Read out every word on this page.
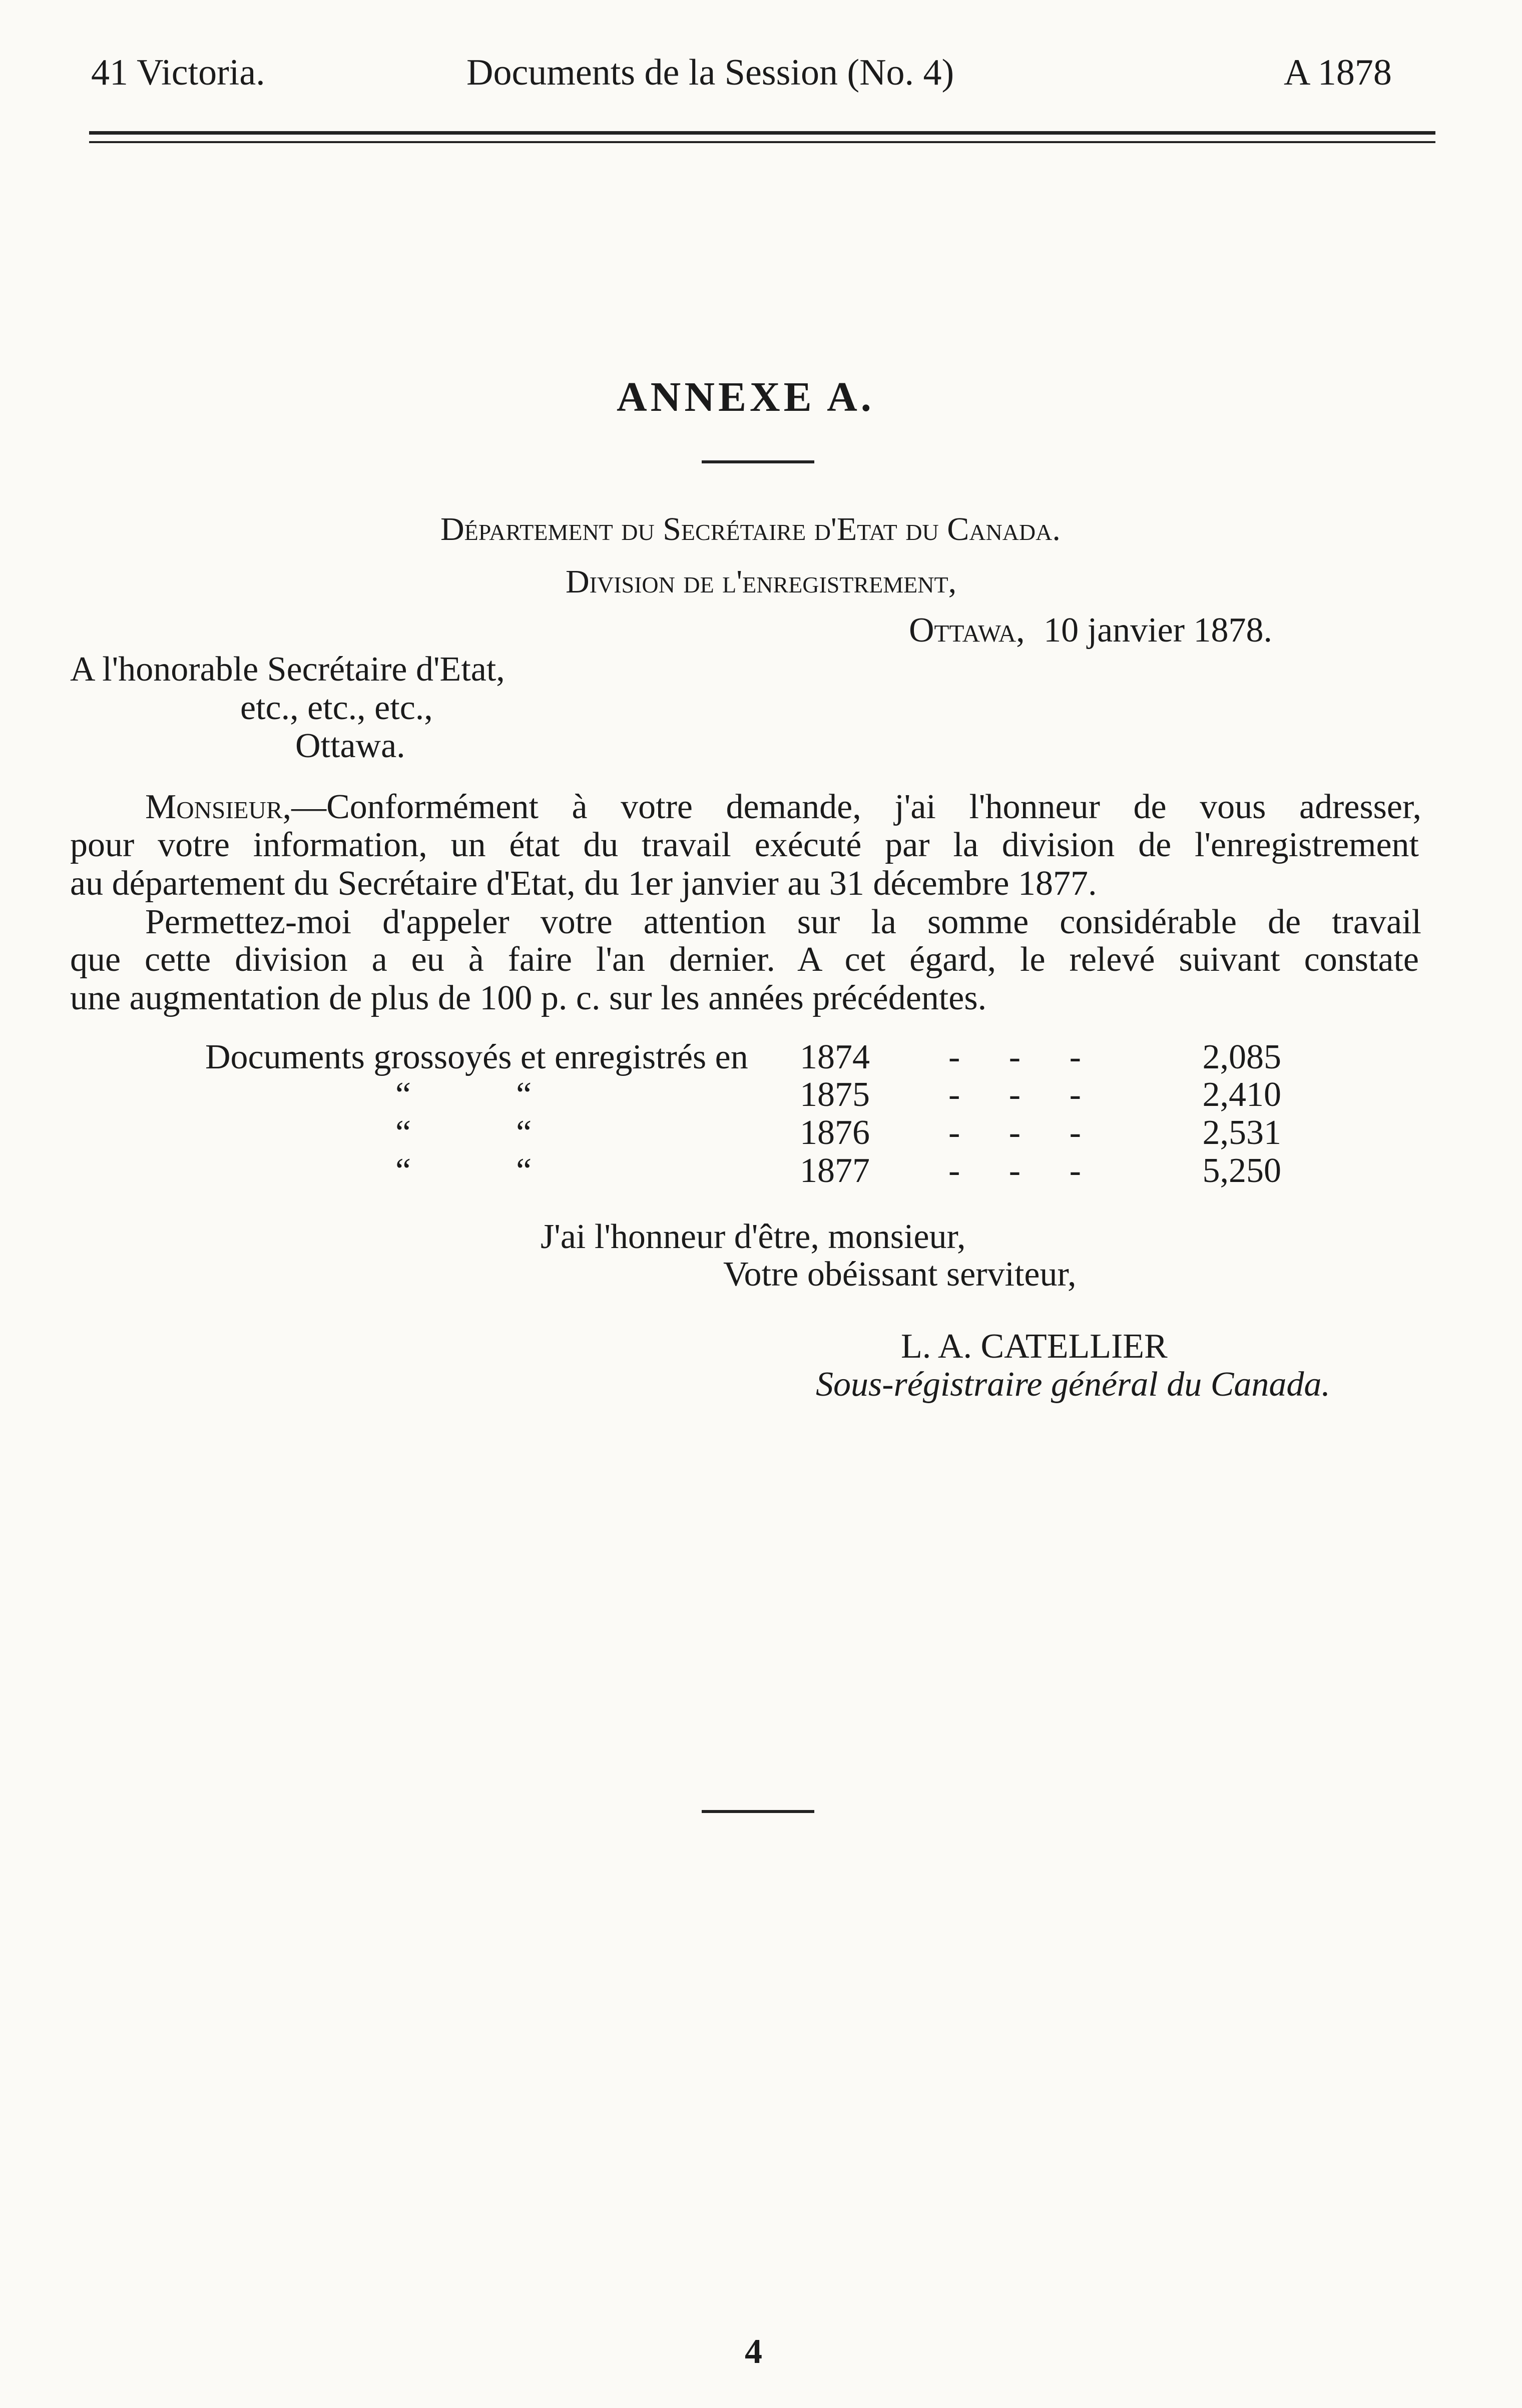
41 Victoria.	Documents de la Session (No. 4)	A 1878
ANNEXE A.
Département du Secrétaire d'Etat du Canada.
Division de l'enregistrement,
Ottawa, 10 janvier 1878.
A l'honorable Secrétaire d'Etat,
etc., etc., etc.,
Ottawa.
Monsieur,—Conformément à votre demande, j'ai l'honneur de vous adresser,
pour votre information, un état du travail exécuté par la division de l'enregistrement
au département du Secrétaire d'Etat, du 1er janvier au 31 décembre 1877.
Permettez-moi d'appeler votre attention sur la somme considérable de travail
que cette division a eu à faire l'an dernier. A cet égard, le relevé suivant constate
une augmentation de plus de 100 p. c. sur les années précédentes.
Documents grossoyés et enregistrés en 1874 - - -	2,085
“            “	1875 - - -	2,410
“            “	1876 - - -	2,531
“            “	1877 - - -	5,250
J'ai l'honneur d'être, monsieur,
Votre obéissant serviteur,
L. A. CATELLIER
Sous-régistraire général du Canada.
4
